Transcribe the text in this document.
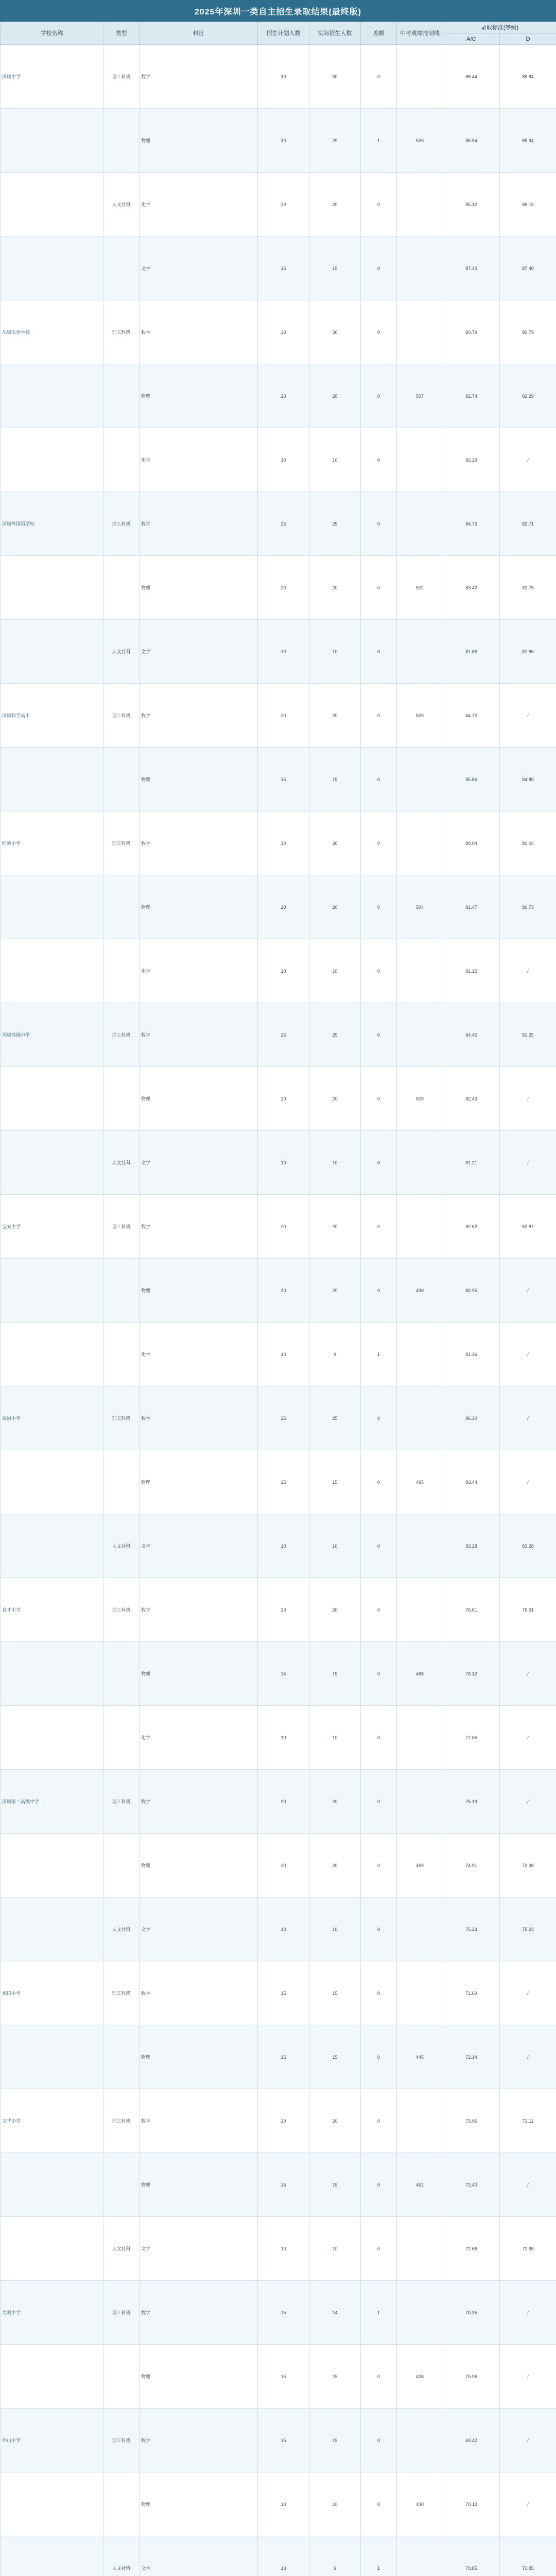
2025年深圳一类自主招生录取结果(最终版)
学校名称	类型	科目	招生计划人数	实际招生人数	差额	中考成绩控制线	录取标准(等级)	
							A/C	D
深圳中学	理工科班	数学	30	30	0		86.44	85.84
		物理	30	29	1	520	85.94	85.94
	人文社科	化学	20	20	0		85.12	86.16
		文学	15	15	0		87.40	87.40
深圳实验学校	理工科班	数学	30	30	0		80.79	80.79
		物理	20	20	0	507	82.74	82.29
		化学	10	10	0		82.29	/
深圳外国语学校	理工科班	数学	25	25	0		84.72	82.71
		物理	20	20	0	502	83.42	82.75
	人文社科	文学	10	10	0		81.86	81.86
深圳科学高中	理工科班	数学	20	20	0	520	84.72	/
		物理	15	15	0		85.86	84.80
红岭中学	理工科班	数学	30	30	0		80.04	80.04
		物理	20	20	0	504	81.47	80.73
		化学	10	10	0		81.12	/
深圳高级中学	理工科班	数学	25	25	0		84.45	81.25
		物理	20	20	0	509	82.43	/
	人文社科	文学	10	10	0		81.21	/
宝安中学	理工科班	数学	20	20	0		82.62	82.87
		物理	20	20	0	490	82.95	/
		化学	10	9	1		81.36	/
翠园中学	理工科班	数学	25	25	0		86.30	/
		物理	15	15	0	495	83.44	/
	人文社科	文学	10	10	0		83.28	83.28
育才中学	理工科班	数学	20	20	0		76.61	76.61
		物理	15	15	0	488	78.12	/
		化学	10	10	0		77.05	/
深圳第二高级中学	理工科班	数学	20	20	0		75.13	/
		物理	20	20	0	469	74.91	72.38
	人文社科	文学	10	10	0		75.23	75.23
福田中学	理工科班	数学	15	15	0		71.69	/
		物理	15	15	0	445	72.14	/
龙华中学	理工科班	数学	20	20	0		73.06	72.11
		物理	15	15	0	452	73.40	/
	人文社科	文学	10	10	0		72.68	72.68
光明中学	理工科班	数学	15	14	1		70.35	/
		物理	15	15	0	438	70.96	/
坪山中学	理工科班	数学	15	15	0		69.42	/
		物理	10	10	0	430	70.12	/
	人文社科	文学	10	9	1		70.85	70.85
